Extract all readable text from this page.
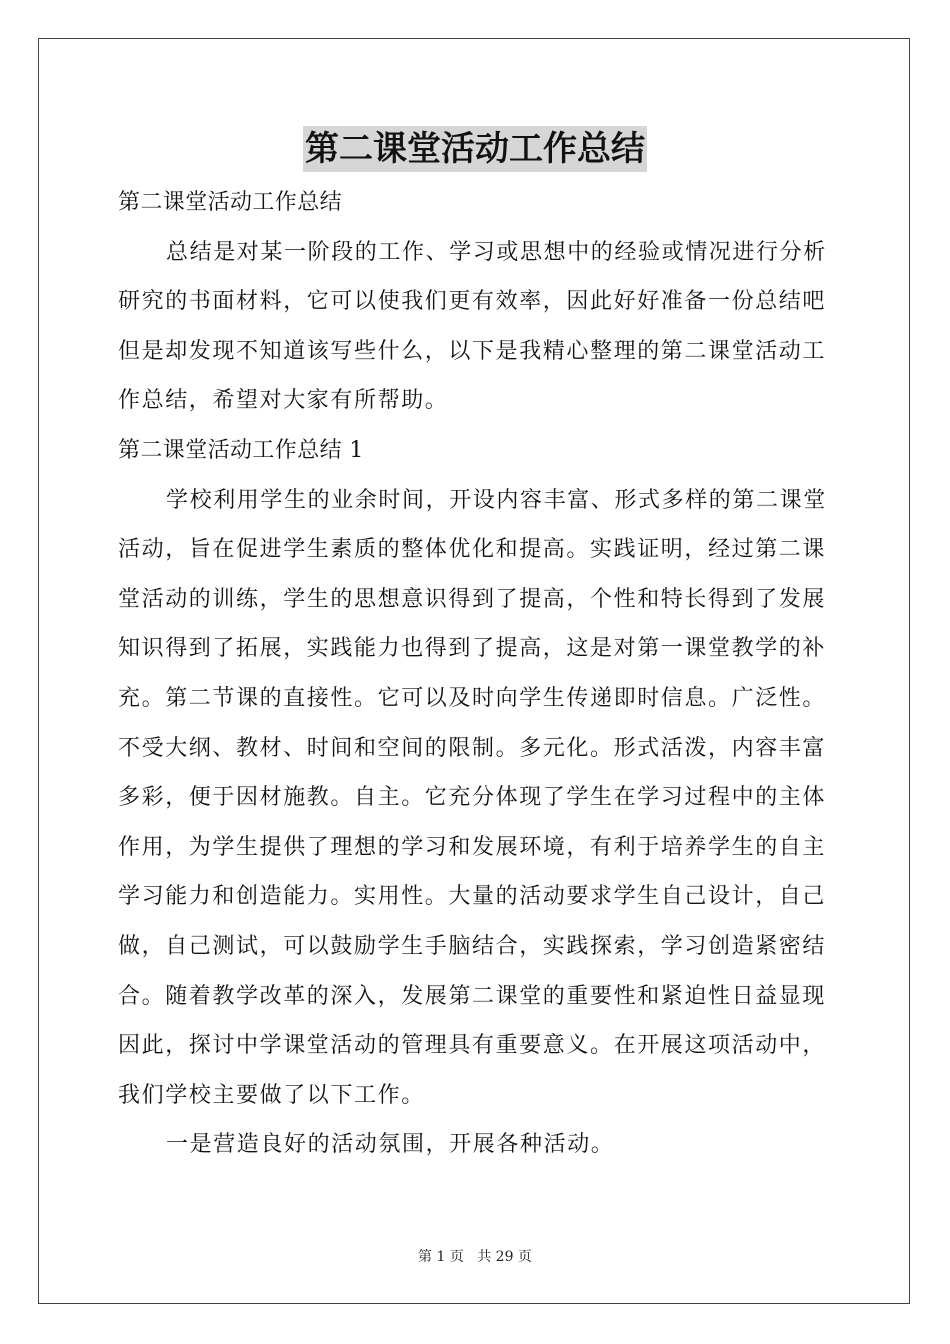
第二课堂活动工作总结
第二课堂活动工作总结
总结是对某一阶段的工作、学习或思想中的经验或情况进行分析
研究的书面材料，它可以使我们更有效率，因此好好准备一份总结吧
但是却发现不知道该写些什么，以下是我精心整理的第二课堂活动工
作总结，希望对大家有所帮助。
第二课堂活动工作总结 1
学校利用学生的业余时间，开设内容丰富、形式多样的第二课堂
活动，旨在促进学生素质的整体优化和提高。实践证明，经过第二课
堂活动的训练，学生的思想意识得到了提高，个性和特长得到了发展
知识得到了拓展，实践能力也得到了提高，这是对第一课堂教学的补
充。第二节课的直接性。它可以及时向学生传递即时信息。广泛性。
不受大纲、教材、时间和空间的限制。多元化。形式活泼，内容丰富
多彩，便于因材施教。自主。它充分体现了学生在学习过程中的主体
作用，为学生提供了理想的学习和发展环境，有利于培养学生的自主
学习能力和创造能力。实用性。大量的活动要求学生自己设计，自己
做，自己测试，可以鼓励学生手脑结合，实践探索，学习创造紧密结
合。随着教学改革的深入，发展第二课堂的重要性和紧迫性日益显现
因此，探讨中学课堂活动的管理具有重要意义。在开展这项活动中，
我们学校主要做了以下工作。
一是营造良好的活动氛围，开展各种活动。
第 1 页 共 29 页
